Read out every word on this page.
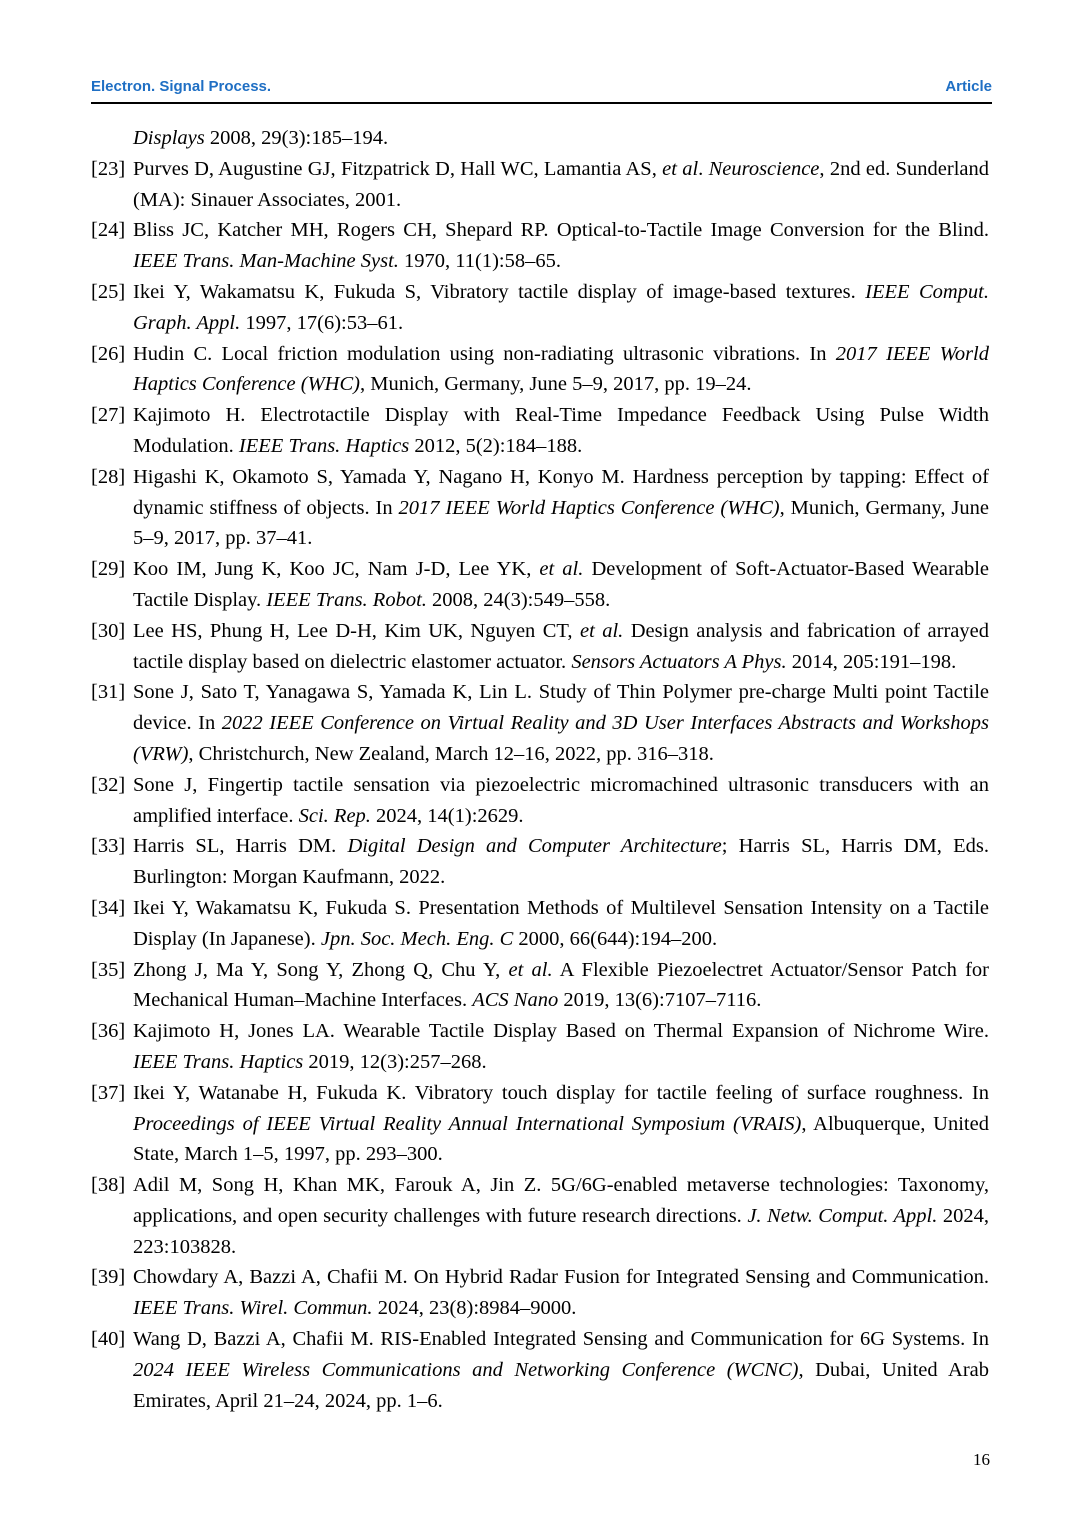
Electron. Signal Process.	Article
Displays 2008, 29(3):185–194.
[23] Purves D, Augustine GJ, Fitzpatrick D, Hall WC, Lamantia AS, et al. Neuroscience, 2nd ed. Sunderland (MA): Sinauer Associates, 2001.
[24] Bliss JC, Katcher MH, Rogers CH, Shepard RP. Optical-to-Tactile Image Conversion for the Blind. IEEE Trans. Man-Machine Syst. 1970, 11(1):58–65.
[25] Ikei Y, Wakamatsu K, Fukuda S, Vibratory tactile display of image-based textures. IEEE Comput. Graph. Appl. 1997, 17(6):53–61.
[26] Hudin C. Local friction modulation using non-radiating ultrasonic vibrations. In 2017 IEEE World Haptics Conference (WHC), Munich, Germany, June 5–9, 2017, pp. 19–24.
[27] Kajimoto H. Electrotactile Display with Real-Time Impedance Feedback Using Pulse Width Modulation. IEEE Trans. Haptics 2012, 5(2):184–188.
[28] Higashi K, Okamoto S, Yamada Y, Nagano H, Konyo M. Hardness perception by tapping: Effect of dynamic stiffness of objects. In 2017 IEEE World Haptics Conference (WHC), Munich, Germany, June 5–9, 2017, pp. 37–41.
[29] Koo IM, Jung K, Koo JC, Nam J-D, Lee YK, et al. Development of Soft-Actuator-Based Wearable Tactile Display. IEEE Trans. Robot. 2008, 24(3):549–558.
[30] Lee HS, Phung H, Lee D-H, Kim UK, Nguyen CT, et al. Design analysis and fabrication of arrayed tactile display based on dielectric elastomer actuator. Sensors Actuators A Phys. 2014, 205:191–198.
[31] Sone J, Sato T, Yanagawa S, Yamada K, Lin L. Study of Thin Polymer pre-charge Multi point Tactile device. In 2022 IEEE Conference on Virtual Reality and 3D User Interfaces Abstracts and Workshops (VRW), Christchurch, New Zealand, March 12–16, 2022, pp. 316–318.
[32] Sone J, Fingertip tactile sensation via piezoelectric micromachined ultrasonic transducers with an amplified interface. Sci. Rep. 2024, 14(1):2629.
[33] Harris SL, Harris DM. Digital Design and Computer Architecture; Harris SL, Harris DM, Eds. Burlington: Morgan Kaufmann, 2022.
[34] Ikei Y, Wakamatsu K, Fukuda S. Presentation Methods of Multilevel Sensation Intensity on a Tactile Display (In Japanese). Jpn. Soc. Mech. Eng. C 2000, 66(644):194–200.
[35] Zhong J, Ma Y, Song Y, Zhong Q, Chu Y, et al. A Flexible Piezoelectret Actuator/Sensor Patch for Mechanical Human–Machine Interfaces. ACS Nano 2019, 13(6):7107–7116.
[36] Kajimoto H, Jones LA. Wearable Tactile Display Based on Thermal Expansion of Nichrome Wire. IEEE Trans. Haptics 2019, 12(3):257–268.
[37] Ikei Y, Watanabe H, Fukuda K. Vibratory touch display for tactile feeling of surface roughness. In Proceedings of IEEE Virtual Reality Annual International Symposium (VRAIS), Albuquerque, United State, March 1–5, 1997, pp. 293–300.
[38] Adil M, Song H, Khan MK, Farouk A, Jin Z. 5G/6G-enabled metaverse technologies: Taxonomy, applications, and open security challenges with future research directions. J. Netw. Comput. Appl. 2024, 223:103828.
[39] Chowdary A, Bazzi A, Chafii M. On Hybrid Radar Fusion for Integrated Sensing and Communication. IEEE Trans. Wirel. Commun. 2024, 23(8):8984–9000.
[40] Wang D, Bazzi A, Chafii M. RIS-Enabled Integrated Sensing and Communication for 6G Systems. In 2024 IEEE Wireless Communications and Networking Conference (WCNC), Dubai, United Arab Emirates, April 21–24, 2024, pp. 1–6.
16
